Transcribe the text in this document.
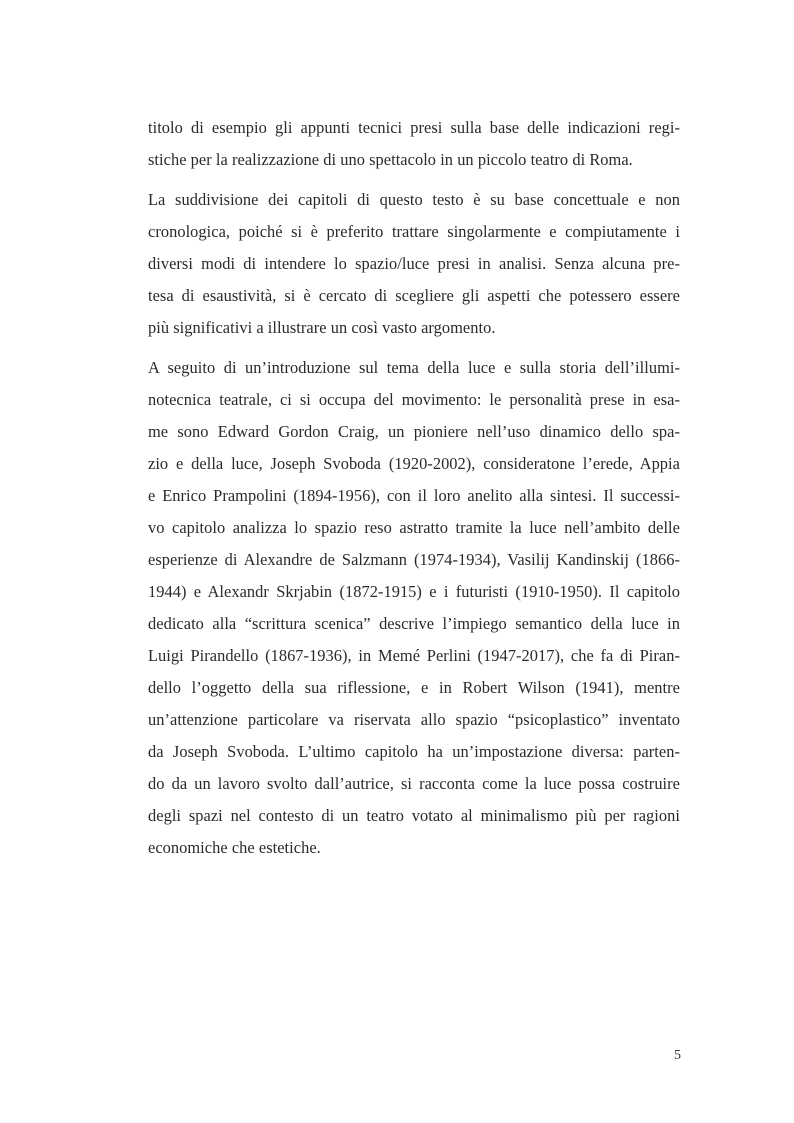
titolo di esempio gli appunti tecnici presi sulla base delle indicazioni regi-
stiche per la realizzazione di uno spettacolo in un piccolo teatro di Roma.

La suddivisione dei capitoli di questo testo è su base concettuale e non
cronologica, poiché si è preferito trattare singolarmente e compiutamente i
diversi modi di intendere lo spazio/luce presi in analisi. Senza alcuna pre-
tesa di esaustività, si è cercato di scegliere gli aspetti che potessero essere
più significativi a illustrare un così vasto argomento.

A seguito di un’introduzione sul tema della luce e sulla storia dell’illumi-
notecnica teatrale, ci si occupa del movimento: le personalità prese in esa-
me sono Edward Gordon Craig, un pioniere nell’uso dinamico dello spa-
zio e della luce, Joseph Svoboda (1920-2002), consideratone l’erede, Appia
e Enrico Prampolini (1894-1956), con il loro anelito alla sintesi. Il successi-
vo capitolo analizza lo spazio reso astratto tramite la luce nell’ambito delle
esperienze di Alexandre de Salzmann (1974-1934), Vasilij Kandinskij (1866-
1944) e Alexandr Skrjabin (1872-1915) e i futuristi (1910-1950). Il capitolo
dedicato alla “scrittura scenica” descrive l’impiego semantico della luce in
Luigi Pirandello (1867-1936), in Memé Perlini (1947-2017), che fa di Piran-
dello l’oggetto della sua riflessione, e in Robert Wilson (1941), mentre
un’attenzione particolare va riservata allo spazio “psicoplastico” inventato
da Joseph Svoboda. L’ultimo capitolo ha un’impostazione diversa: parten-
do da un lavoro svolto dall’autrice, si racconta come la luce possa costruire
degli spazi nel contesto di un teatro votato al minimalismo più per ragioni
economiche che estetiche.

5
